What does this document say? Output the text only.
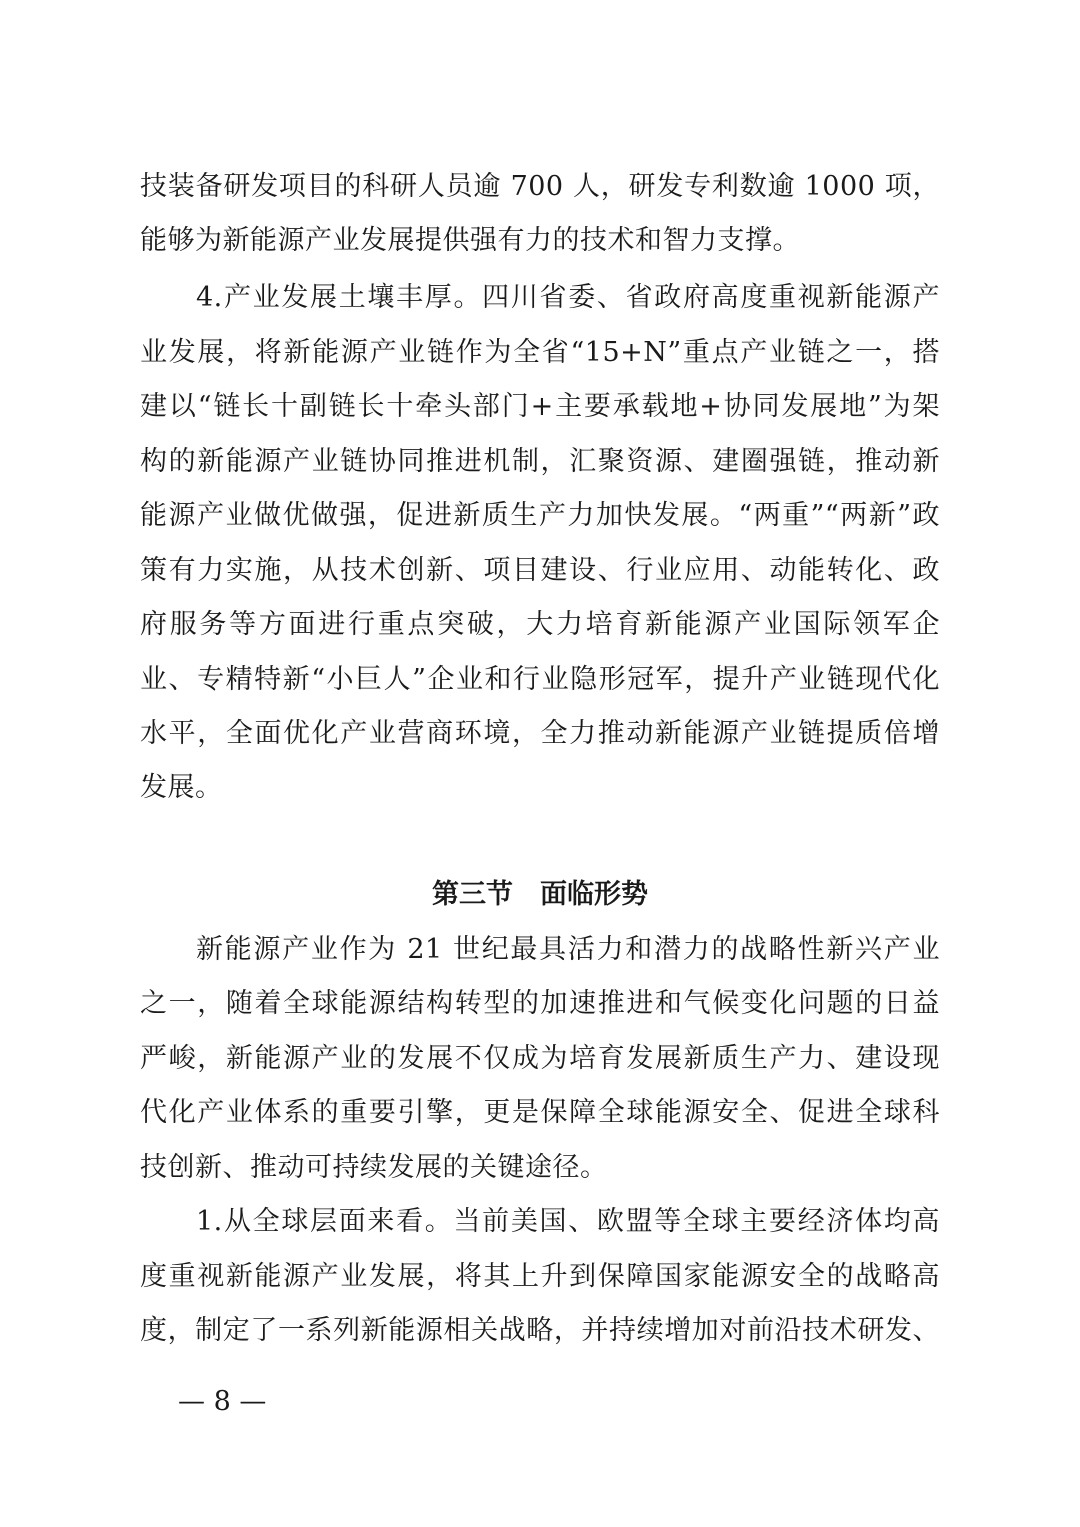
技装备研发项目的科研人员逾 700 人，研发专利数逾 1000 项，
能够为新能源产业发展提供强有力的技术和智力支撑。
4.产业发展土壤丰厚。四川省委、省政府高度重视新能源产
业发展，将新能源产业链作为全省“15+N”重点产业链之一，搭
建以“链长十副链长十牵头部门+主要承载地+协同发展地”为架
构的新能源产业链协同推进机制，汇聚资源、建圈强链，推动新
能源产业做优做强，促进新质生产力加快发展。“两重”“两新”政
策有力实施，从技术创新、项目建设、行业应用、动能转化、政
府服务等方面进行重点突破，大力培育新能源产业国际领军企
业、专精特新“小巨人”企业和行业隐形冠军，提升产业链现代化
水平，全面优化产业营商环境，全力推动新能源产业链提质倍增
发展。
第三节　面临形势
新能源产业作为 21 世纪最具活力和潜力的战略性新兴产业
之一，随着全球能源结构转型的加速推进和气候变化问题的日益
严峻，新能源产业的发展不仅成为培育发展新质生产力、建设现
代化产业体系的重要引擎，更是保障全球能源安全、促进全球科
技创新、推动可持续发展的关键途径。
1.从全球层面来看。当前美国、欧盟等全球主要经济体均高
度重视新能源产业发展，将其上升到保障国家能源安全的战略高
度，制定了一系列新能源相关战略，并持续增加对前沿技术研发、
— 8 —
